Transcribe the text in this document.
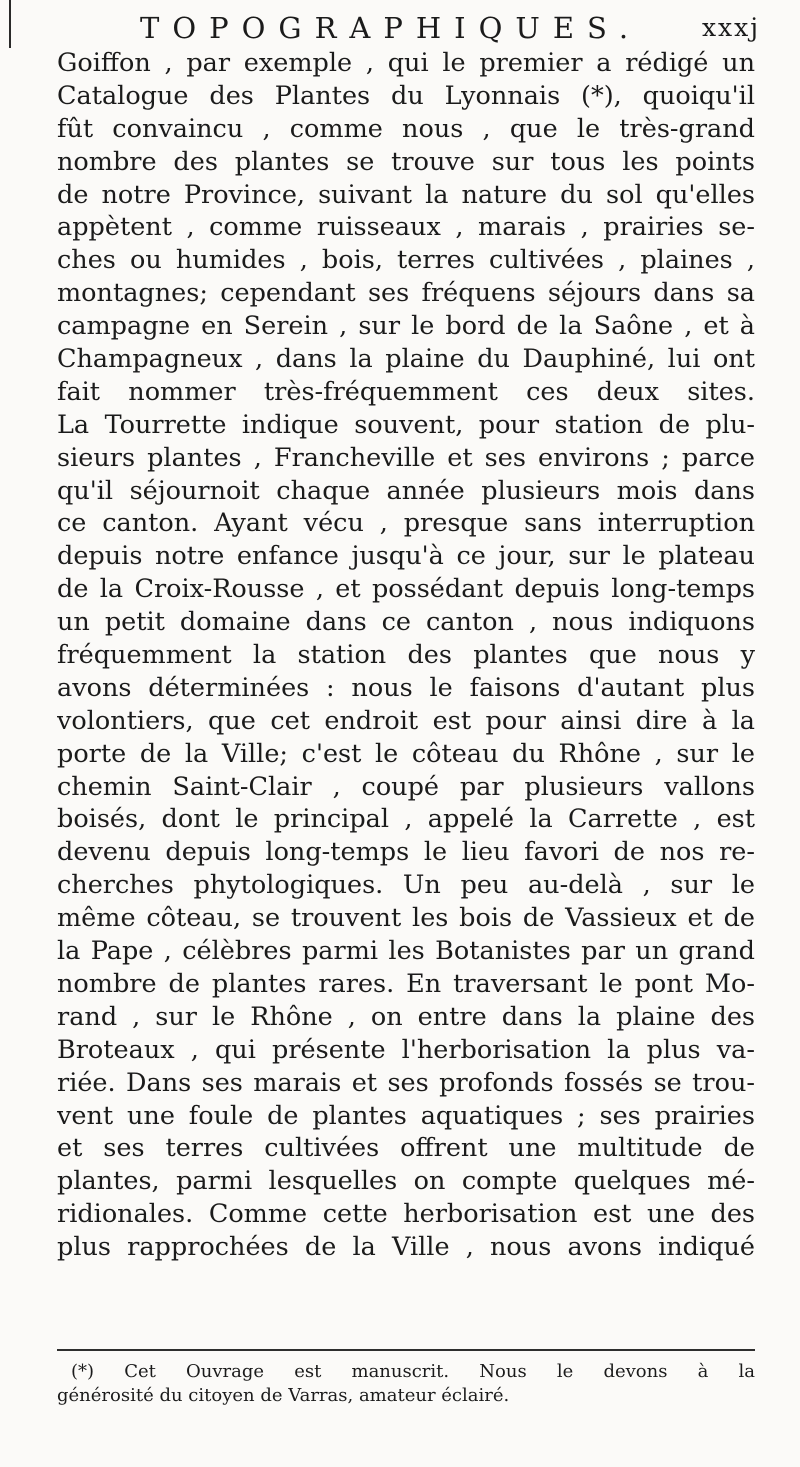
TOPOGRAPHIQUES. xxxj
Goiffon , par exemple , qui le premier a rédigé un
Catalogue des Plantes du Lyonnais (*), quoiqu'il
fût convaincu , comme nous , que le très-grand
nombre des plantes se trouve sur tous les points
de notre Province, suivant la nature du sol qu'elles
appètent , comme ruisseaux , marais , prairies se-
ches ou humides , bois, terres cultivées , plaines ,
montagnes; cependant ses fréquens séjours dans sa
campagne en Serein , sur le bord de la Saône , et à
Champagneux , dans la plaine du Dauphiné, lui ont
fait nommer très-fréquemment ces deux sites.
La Tourrette indique souvent, pour station de plu-
sieurs plantes , Francheville et ses environs ; parce
qu'il séjournoit chaque année plusieurs mois dans
ce canton. Ayant vécu , presque sans interruption
depuis notre enfance jusqu'à ce jour, sur le plateau
de la Croix-Rousse , et possédant depuis long-temps
un petit domaine dans ce canton , nous indiquons
fréquemment la station des plantes que nous y
avons déterminées : nous le faisons d'autant plus
volontiers, que cet endroit est pour ainsi dire à la
porte de la Ville; c'est le côteau du Rhône , sur le
chemin Saint-Clair , coupé par plusieurs vallons
boisés, dont le principal , appelé la Carrette , est
devenu depuis long-temps le lieu favori de nos re-
cherches phytologiques. Un peu au-delà , sur le
même côteau, se trouvent les bois de Vassieux et de
la Pape , célèbres parmi les Botanistes par un grand
nombre de plantes rares. En traversant le pont Mo-
rand , sur le Rhône , on entre dans la plaine des
Broteaux , qui présente l'herborisation la plus va-
riée. Dans ses marais et ses profonds fossés se trou-
vent une foule de plantes aquatiques ; ses prairies
et ses terres cultivées offrent une multitude de
plantes, parmi lesquelles on compte quelques mé-
ridionales. Comme cette herborisation est une des
plus rapprochées de la Ville , nous avons indiqué
(*) Cet Ouvrage est manuscrit. Nous le devons à la
générosité du citoyen de Varras, amateur éclairé.
